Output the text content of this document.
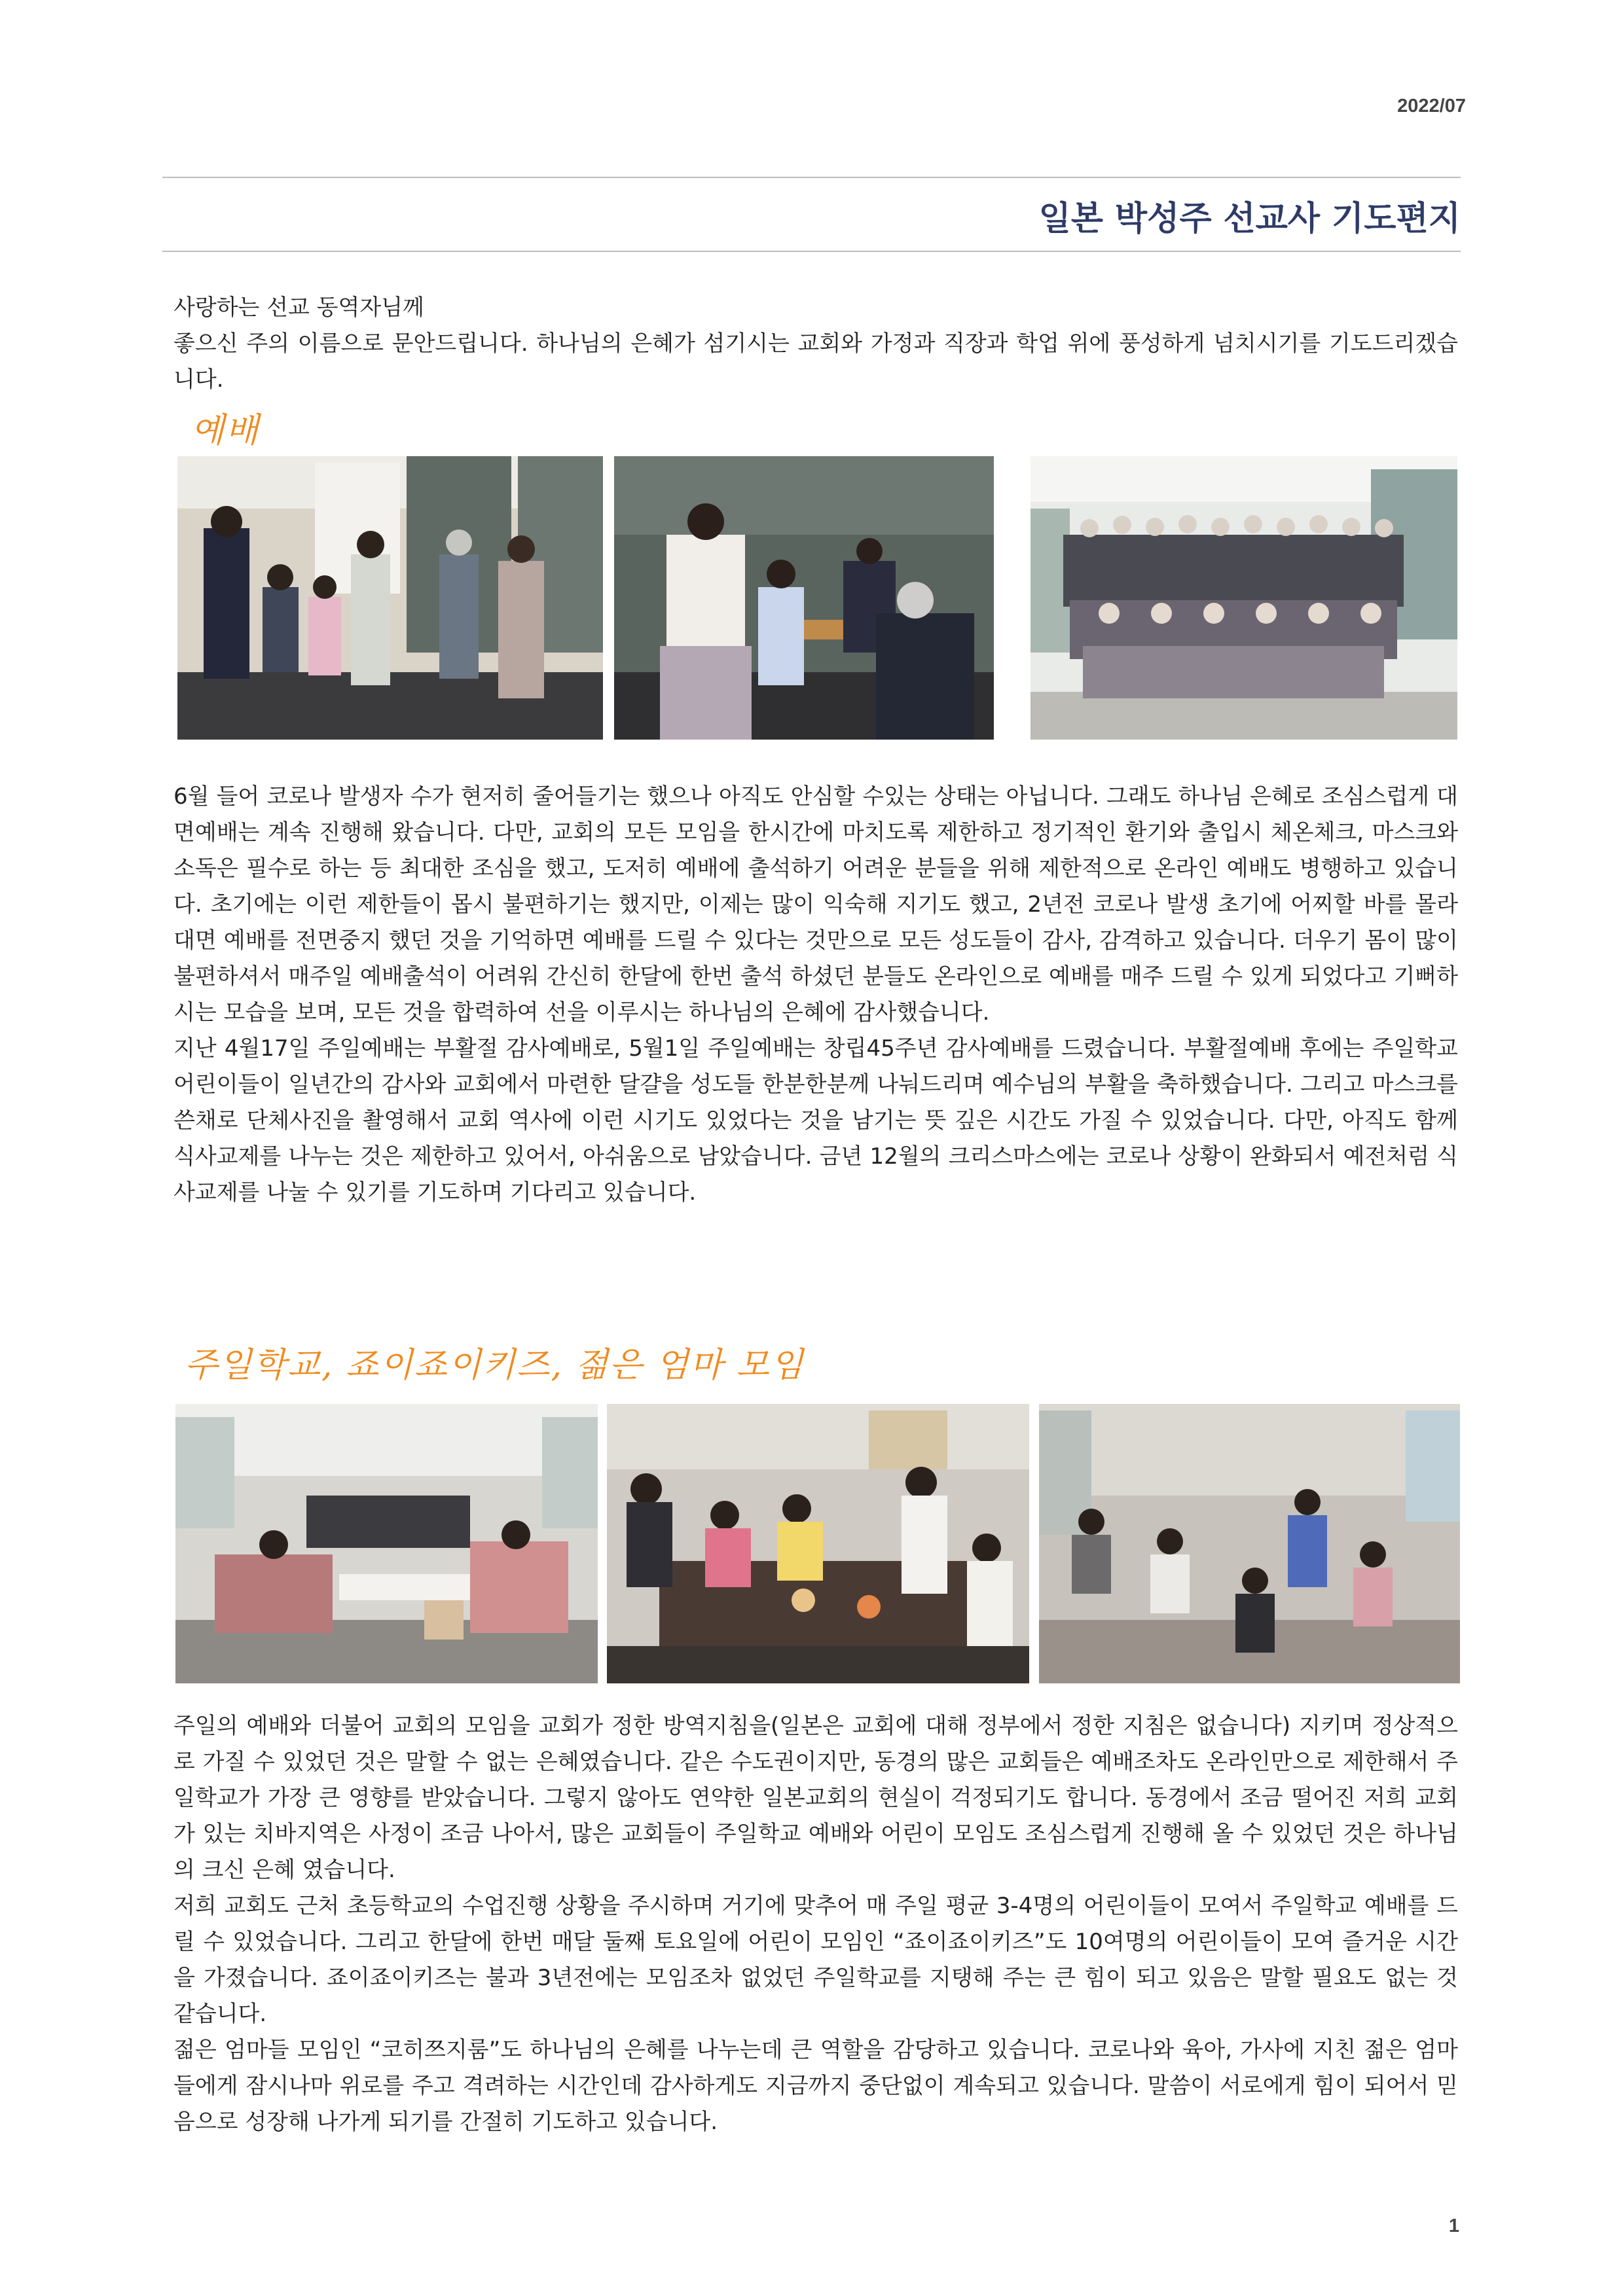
2022/07
일본 박성주 선교사 기도편지

사랑하는 선교 동역자님께

좋으신 주의 이름으로 문안드립니다. 하나님의 은혜가 섬기시는 교회와 가정과 직장과 학업 위에 풍성하게 넘치시기를 기도드리겠습니다.

예배

6월 들어 코로나 발생자 수가 현저히 줄어들기는 했으나 아직도 안심할 수있는 상태는 아닙니다. 그래도 하나님 은혜로 조심스럽게 대면예배는 계속 진행해 왔습니다. 다만, 교회의 모든 모임을 한시간에 마치도록 제한하고 정기적인 환기와 출입시 체온체크, 마스크와 소독은 필수로 하는 등 최대한 조심을 했고, 도저히 예배에 출석하기 어려운 분들을 위해 제한적으로 온라인 예배도 병행하고 있습니다. 초기에는 이런 제한들이 몹시 불편하기는 했지만, 이제는 많이 익숙해 지기도 했고, 2년전 코로나 발생 초기에 어찌할 바를 몰라 대면 예배를 전면중지 했던 것을 기억하면 예배를 드릴 수 있다는 것만으로 모든 성도들이 감사, 감격하고 있습니다. 더우기 몸이 많이 불편하셔서 매주일 예배출석이 어려워 간신히 한달에 한번 출석 하셨던 분들도 온라인으로 예배를 매주 드릴 수 있게 되었다고 기뻐하시는 모습을 보며, 모든 것을 합력하여 선을 이루시는 하나님의 은혜에 감사했습니다.

지난 4월17일 주일예배는 부활절 감사예배로, 5월1일 주일예배는 창립45주년 감사예배를 드렸습니다. 부활절예배 후에는 주일학교 어린이들이 일년간의 감사와 교회에서 마련한 달걀을 성도들 한분한분께 나눠드리며 예수님의 부활을 축하했습니다. 그리고 마스크를 쓴채로 단체사진을 촬영해서 교회 역사에 이런 시기도 있었다는 것을 남기는 뜻 깊은 시간도 가질 수 있었습니다. 다만, 아직도 함께 식사교제를 나누는 것은 제한하고 있어서, 아쉬움으로 남았습니다. 금년 12월의 크리스마스에는 코로나 상황이 완화되서 예전처럼 식사교제를 나눌 수 있기를 기도하며 기다리고 있습니다.

주일학교, 죠이죠이키즈, 젊은 엄마 모임

주일의 예배와 더불어 교회의 모임을 교회가 정한 방역지침을(일본은 교회에 대해 정부에서 정한 지침은 없습니다) 지키며 정상적으로 가질 수 있었던 것은 말할 수 없는 은혜였습니다. 같은 수도권이지만, 동경의 많은 교회들은 예배조차도 온라인만으로 제한해서 주일학교가 가장 큰 영향를 받았습니다. 그렇지 않아도 연약한 일본교회의 현실이 걱정되기도 합니다. 동경에서 조금 떨어진 저희 교회가 있는 치바지역은 사정이 조금 나아서, 많은 교회들이 주일학교 예배와 어린이 모임도 조심스럽게 진행해 올 수 있었던 것은 하나님의 크신 은혜 였습니다.

저희 교회도 근처 초등학교의 수업진행 상황을 주시하며 거기에 맞추어 매 주일 평균 3-4명의 어린이들이 모여서 주일학교 예배를 드릴 수 있었습니다. 그리고 한달에 한번 매달 둘째 토요일에 어린이 모임인 “죠이죠이키즈”도 10여명의 어린이들이 모여 즐거운 시간을 가졌습니다. 죠이죠이키즈는 불과 3년전에는 모임조차 없었던 주일학교를 지탱해 주는 큰 힘이 되고 있음은 말할 필요도 없는 것 같습니다.

젊은 엄마들 모임인 “코히쯔지룸”도 하나님의 은혜를 나누는데 큰 역할을 감당하고 있습니다. 코로나와 육아, 가사에 지친 젊은 엄마들에게 잠시나마 위로를 주고 격려하는 시간인데 감사하게도 지금까지 중단없이 계속되고 있습니다. 말씀이 서로에게 힘이 되어서 믿음으로 성장해 나가게 되기를 간절히 기도하고 있습니다.

1
